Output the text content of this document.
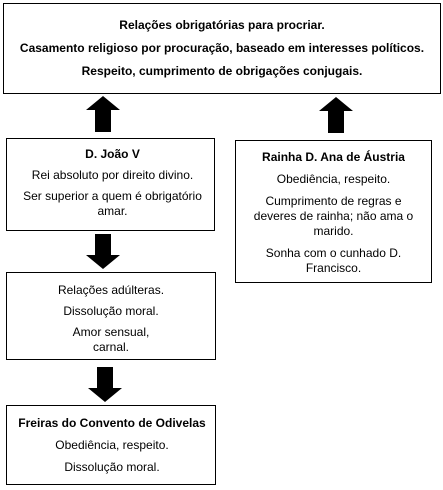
Relações obrigatórias para procriar.

Casamento religioso por procuração, baseado em interesses políticos.

Respeito, cumprimento de obrigações conjugais.

D. João V

Rei absoluto por direito divino.

Ser superior a quem é obrigatório amar.

Rainha D. Ana de Áustria

Obediência, respeito.

Cumprimento de regras e deveres de rainha; não ama o marido.

Sonha com o cunhado D. Francisco.

Relações adúlteras.

Dissolução moral.

Amor sensual, carnal.

Freiras do Convento de Odivelas

Obediência, respeito.

Dissolução moral.
